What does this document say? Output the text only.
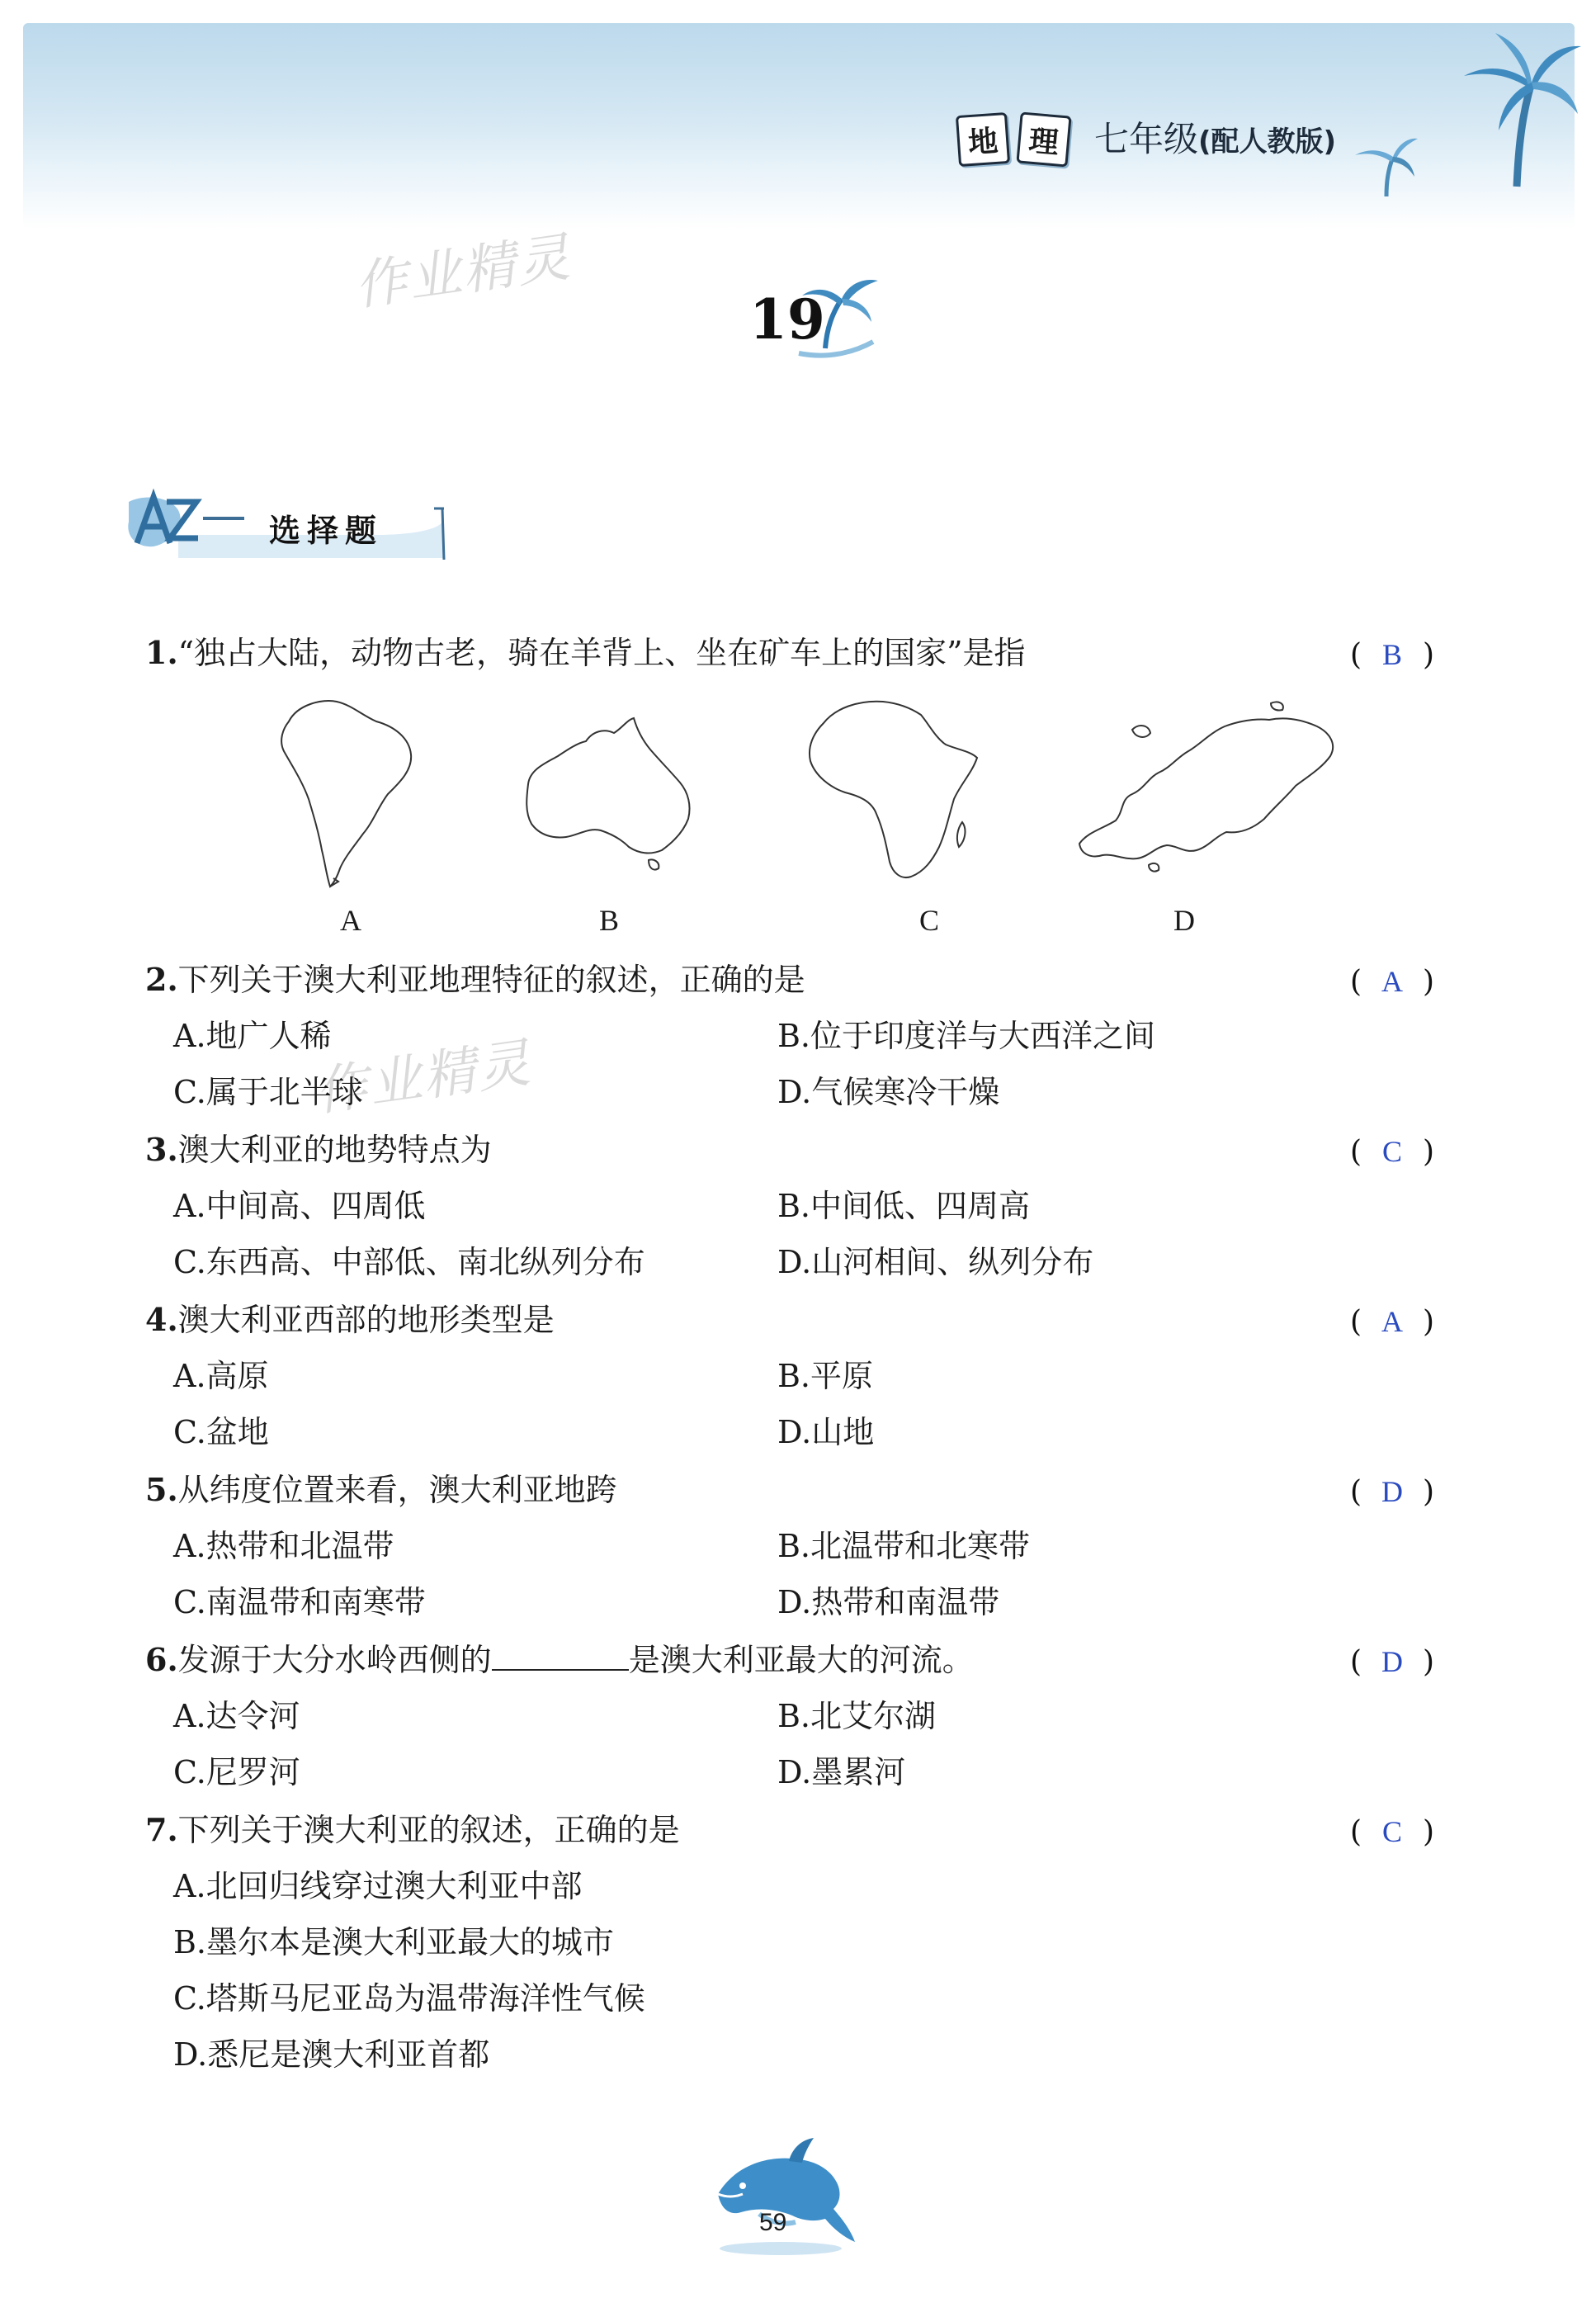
地 理 七年级(配人教版)
作业精灵
作业精灵
19
选择题
1.“独占大陆，动物古老，骑在羊背上、坐在矿车上的国家”是指	( B )
A	B	C	D
2.下列关于澳大利亚地理特征的叙述，正确的是	( A )
A.地广人稀	B.位于印度洋与大西洋之间
C.属于北半球	D.气候寒冷干燥
3.澳大利亚的地势特点为	( C )
A.中间高、四周低	B.中间低、四周高
C.东西高、中部低、南北纵列分布	D.山河相间、纵列分布
4.澳大利亚西部的地形类型是	( A )
A.高原	B.平原
C.盆地	D.山地
5.从纬度位置来看，澳大利亚地跨	( D )
A.热带和北温带	B.北温带和北寒带
C.南温带和南寒带	D.热带和南温带
6.发源于大分水岭西侧的	是澳大利亚最大的河流。	( D )
A.达令河	B.北艾尔湖
C.尼罗河	D.墨累河
7.下列关于澳大利亚的叙述，正确的是	( C )
A.北回归线穿过澳大利亚中部
B.墨尔本是澳大利亚最大的城市
C.塔斯马尼亚岛为温带海洋性气候
D.悉尼是澳大利亚首都
59
